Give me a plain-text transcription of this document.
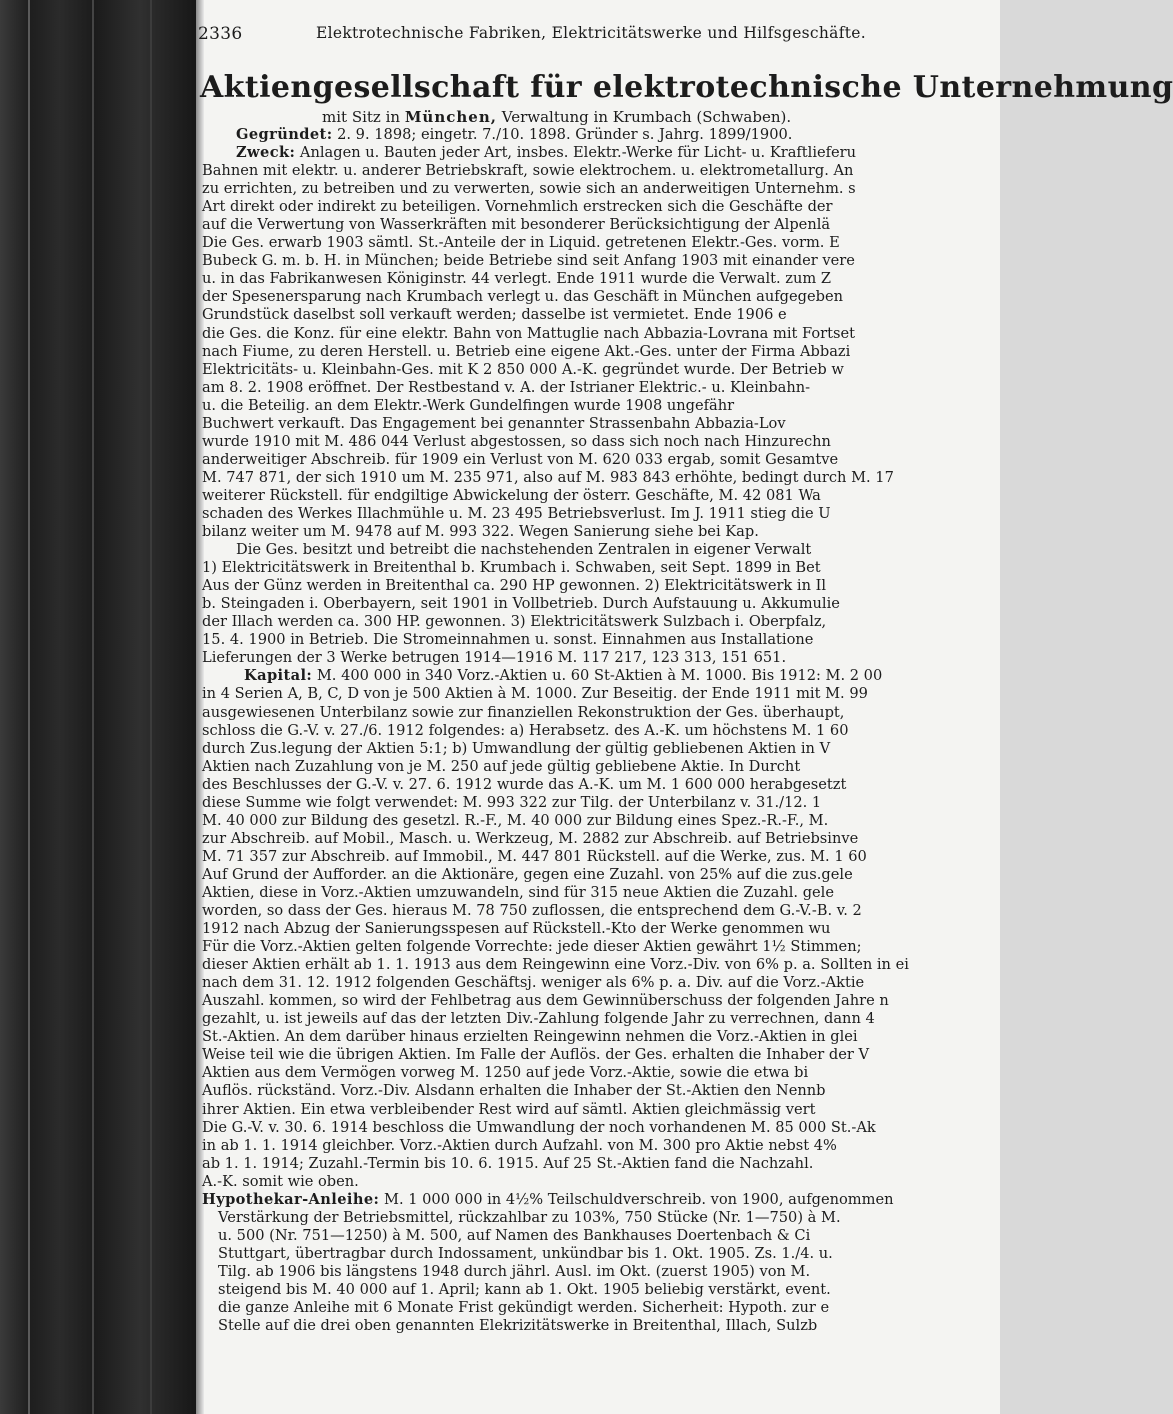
2336	Elektrotechnische Fabriken, Elektricitätswerke und Hilfsgeschäfte.
Aktiengesellschaft für elektrotechnische Unternehmung
mit Sitz in München, Verwaltung in Krumbach (Schwaben).
Gegründet: 2. 9. 1898; eingetr. 7./10. 1898. Gründer s. Jahrg. 1899/1900.
Zweck: Anlagen u. Bauten jeder Art, insbes. Elektr.-Werke für Licht- u. Kraftlieferu
Bahnen mit elektr. u. anderer Betriebskraft, sowie elektrochem. u. elektrometallurg. An
zu errichten, zu betreiben und zu verwerten, sowie sich an anderweitigen Unternehm. s
Art direkt oder indirekt zu beteiligen. Vornehmlich erstrecken sich die Geschäfte der
auf die Verwertung von Wasserkräften mit besonderer Berücksichtigung der Alpenlä
Die Ges. erwarb 1903 sämtl. St.-Anteile der in Liquid. getretenen Elektr.-Ges. vorm. E
Bubeck G. m. b. H. in München; beide Betriebe sind seit Anfang 1903 mit einander vere
u. in das Fabrikanwesen Königinstr. 44 verlegt. Ende 1911 wurde die Verwalt. zum Z
der Spesenersparung nach Krumbach verlegt u. das Geschäft in München aufgegeben
Grundstück daselbst soll verkauft werden; dasselbe ist vermietet. Ende 1906 e
die Ges. die Konz. für eine elektr. Bahn von Mattuglie nach Abbazia-Lovrana mit Fortset
nach Fiume, zu deren Herstell. u. Betrieb eine eigene Akt.-Ges. unter der Firma Abbazi
Elektricitäts- u. Kleinbahn-Ges. mit K 2 850 000 A.-K. gegründet wurde. Der Betrieb w
am 8. 2. 1908 eröffnet. Der Restbestand v. A. der Istrianer Elektric.- u. Kleinbahn-
u. die Beteilig. an dem Elektr.-Werk Gundelfingen wurde 1908 ungefähr
Buchwert verkauft. Das Engagement bei genannter Strassenbahn Abbazia-Lov
wurde 1910 mit M. 486 044 Verlust abgestossen, so dass sich noch nach Hinzurechn
anderweitiger Abschreib. für 1909 ein Verlust von M. 620 033 ergab, somit Gesamtve
M. 747 871, der sich 1910 um M. 235 971, also auf M. 983 843 erhöhte, bedingt durch M. 17
weiterer Rückstell. für endgiltige Abwickelung der österr. Geschäfte, M. 42 081 Wa
schaden des Werkes Illachmühle u. M. 23 495 Betriebsverlust. Im J. 1911 stieg die U
bilanz weiter um M. 9478 auf M. 993 322. Wegen Sanierung siehe bei Kap.
Die Ges. besitzt und betreibt die nachstehenden Zentralen in eigener Verwalt
1) Elektricitätswerk in Breitenthal b. Krumbach i. Schwaben, seit Sept. 1899 in Bet
Aus der Günz werden in Breitenthal ca. 290 HP gewonnen. 2) Elektricitätswerk in Il
b. Steingaden i. Oberbayern, seit 1901 in Vollbetrieb. Durch Aufstauung u. Akkumulie
der Illach werden ca. 300 HP. gewonnen. 3) Elektricitätswerk Sulzbach i. Oberpfalz,
15. 4. 1900 in Betrieb. Die Stromeinnahmen u. sonst. Einnahmen aus Installatione
Lieferungen der 3 Werke betrugen 1914—1916 M. 117 217, 123 313, 151 651.
Kapital: M. 400 000 in 340 Vorz.-Aktien u. 60 St-Aktien à M. 1000. Bis 1912: M. 2 00
in 4 Serien A, B, C, D von je 500 Aktien à M. 1000. Zur Beseitig. der Ende 1911 mit M. 99
ausgewiesenen Unterbilanz sowie zur finanziellen Rekonstruktion der Ges. überhaupt,
schloss die G.-V. v. 27./6. 1912 folgendes: a) Herabsetz. des A.-K. um höchstens M. 1 60
durch Zus.legung der Aktien 5:1; b) Umwandlung der gültig gebliebenen Aktien in V
Aktien nach Zuzahlung von je M. 250 auf jede gültig gebliebene Aktie. In Durcht
des Beschlusses der G.-V. v. 27. 6. 1912 wurde das A.-K. um M. 1 600 000 herabgesetzt
diese Summe wie folgt verwendet: M. 993 322 zur Tilg. der Unterbilanz v. 31./12. 1
M. 40 000 zur Bildung des gesetzl. R.-F., M. 40 000 zur Bildung eines Spez.-R.-F., M.
zur Abschreib. auf Mobil., Masch. u. Werkzeug, M. 2882 zur Abschreib. auf Betriebsinve
M. 71 357 zur Abschreib. auf Immobil., M. 447 801 Rückstell. auf die Werke, zus. M. 1 60
Auf Grund der Aufforder. an die Aktionäre, gegen eine Zuzahl. von 25% auf die zus.gele
Aktien, diese in Vorz.-Aktien umzuwandeln, sind für 315 neue Aktien die Zuzahl. gele
worden, so dass der Ges. hieraus M. 78 750 zuflossen, die entsprechend dem G.-V.-B. v. 2
1912 nach Abzug der Sanierungsspesen auf Rückstell.-Kto der Werke genommen wu
Für die Vorz.-Aktien gelten folgende Vorrechte: jede dieser Aktien gewährt 1½ Stimmen;
dieser Aktien erhält ab 1. 1. 1913 aus dem Reingewinn eine Vorz.-Div. von 6% p. a. Sollten in ei
nach dem 31. 12. 1912 folgenden Geschäftsj. weniger als 6% p. a. Div. auf die Vorz.-Aktie
Auszahl. kommen, so wird der Fehlbetrag aus dem Gewinnüberschuss der folgenden Jahre n
gezahlt, u. ist jeweils auf das der letzten Div.-Zahlung folgende Jahr zu verrechnen, dann 4
St.-Aktien. An dem darüber hinaus erzielten Reingewinn nehmen die Vorz.-Aktien in glei
Weise teil wie die übrigen Aktien. Im Falle der Auflös. der Ges. erhalten die Inhaber der V
Aktien aus dem Vermögen vorweg M. 1250 auf jede Vorz.-Aktie, sowie die etwa bi
Auflös. rückständ. Vorz.-Div. Alsdann erhalten die Inhaber der St.-Aktien den Nennb
ihrer Aktien. Ein etwa verbleibender Rest wird auf sämtl. Aktien gleichmässig vert
Die G.-V. v. 30. 6. 1914 beschloss die Umwandlung der noch vorhandenen M. 85 000 St.-Ak
in ab 1. 1. 1914 gleichber. Vorz.-Aktien durch Aufzahl. von M. 300 pro Aktie nebst 4%
ab 1. 1. 1914; Zuzahl.-Termin bis 10. 6. 1915. Auf 25 St.-Aktien fand die Nachzahl.
A.-K. somit wie oben.
Hypothekar-Anleihe: M. 1 000 000 in 4½% Teilschuldverschreib. von 1900, aufgenommen
Verstärkung der Betriebsmittel, rückzahlbar zu 103%, 750 Stücke (Nr. 1—750) à M.
u. 500 (Nr. 751—1250) à M. 500, auf Namen des Bankhauses Doertenbach & Ci
Stuttgart, übertragbar durch Indossament, unkündbar bis 1. Okt. 1905. Zs. 1./4. u.
Tilg. ab 1906 bis längstens 1948 durch jährl. Ausl. im Okt. (zuerst 1905) von M.
steigend bis M. 40 000 auf 1. April; kann ab 1. Okt. 1905 beliebig verstärkt, event.
die ganze Anleihe mit 6 Monate Frist gekündigt werden. Sicherheit: Hypoth. zur e
Stelle auf die drei oben genannten Elekrizitätswerke in Breitenthal, Illach, Sulzb
